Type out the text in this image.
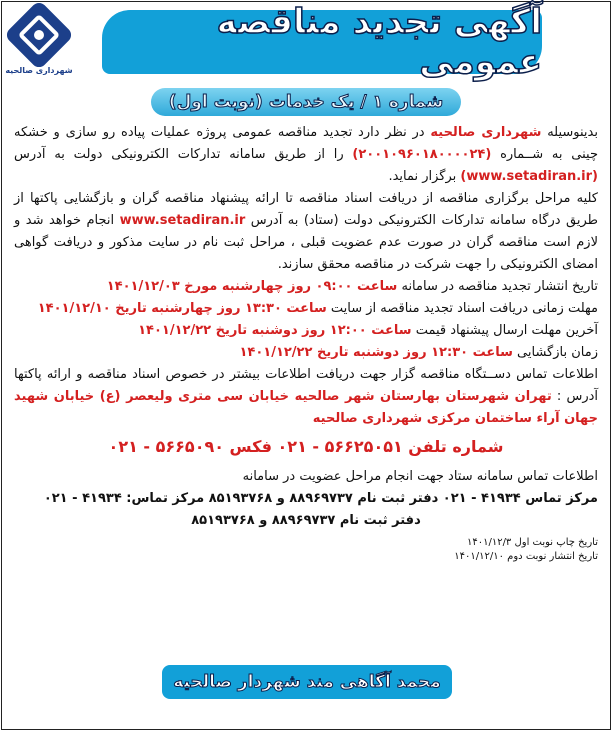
آگهی تجدید مناقصه عمومی
شهرداری صالحیه
شماره ۱ / یک خدمات (نوبت اول)

بدینوسیله شهرداری صالحیه در نظر دارد تجدید مناقصه عمومی پروژه عملیات پیاده رو سازی و خشکه چینی به شــماره (۲۰۰۱۰۹۶۰۱۸۰۰۰۰۲۴) را از طریق سامانه تدارکات الکترونیکی دولت به آدرس (www.setadiran.ir) برگزار نماید.

کلیه مراحل برگزاری مناقصه از دریافت اسناد مناقصه تا ارائه پیشنهاد مناقصه گران و بازگشایی پاکتها از طریق درگاه سامانه تدارکات الکترونیکی دولت (ستاد) به آدرس www.setadiran.ir انجام خواهد شد و لازم است مناقصه گران در صورت عدم عضویت قبلی ، مراحل ثبت نام در سایت مذکور و دریافت گواهی امضای الکترونیکی را جهت شرکت در مناقصه محقق سازند.

تاریخ انتشار تجدید مناقصه در سامانه ساعت ۰۹:۰۰ روز چهارشنبه مورخ ۱۴۰۱/۱۲/۰۳

مهلت زمانی دریافت اسناد تجدید مناقصه از سایت ساعت ۱۳:۳۰ روز چهارشنبه تاریخ ۱۴۰۱/۱۲/۱۰

آخرین مهلت ارسال پیشنهاد قیمت ساعت ۱۲:۰۰ روز دوشنبه تاریخ ۱۴۰۱/۱۲/۲۲

زمان بازگشایی ساعت ۱۲:۳۰ روز دوشنبه تاریخ ۱۴۰۱/۱۲/۲۲

اطلاعات تماس دســتگاه مناقصه گزار جهت دریافت اطلاعات بیشتر در خصوص اسناد مناقصه و ارائه پاکتها آدرس : تهران شهرستان بهارستان شهر صالحیه خیابان سی متری ولیعصر (ع) خیابان شهید جهان آراء ساختمان مرکزی شهرداری صالحیه

شماره تلفن ۵۶۶۲۵۰۵۱ - ۰۲۱ فکس ۵۶۶۵۰۹۰ - ۰۲۱

اطلاعات تماس سامانه ستاد جهت انجام مراحل عضویت در سامانه

مرکز تماس ۴۱۹۳۴ - ۰۲۱ دفتر ثبت نام ۸۸۹۶۹۷۳۷ و ۸۵۱۹۳۷۶۸ مرکز تماس: ۴۱۹۳۴ - ۰۲۱

دفتر ثبت نام ۸۸۹۶۹۷۳۷ و ۸۵۱۹۳۷۶۸

تاریخ چاپ نوبت اول ۱۴۰۱/۱۲/۳
تاریخ انتشار نوبت دوم ۱۴۰۱/۱۲/۱۰
محمد آگاهی مند شهردار صالحیه
